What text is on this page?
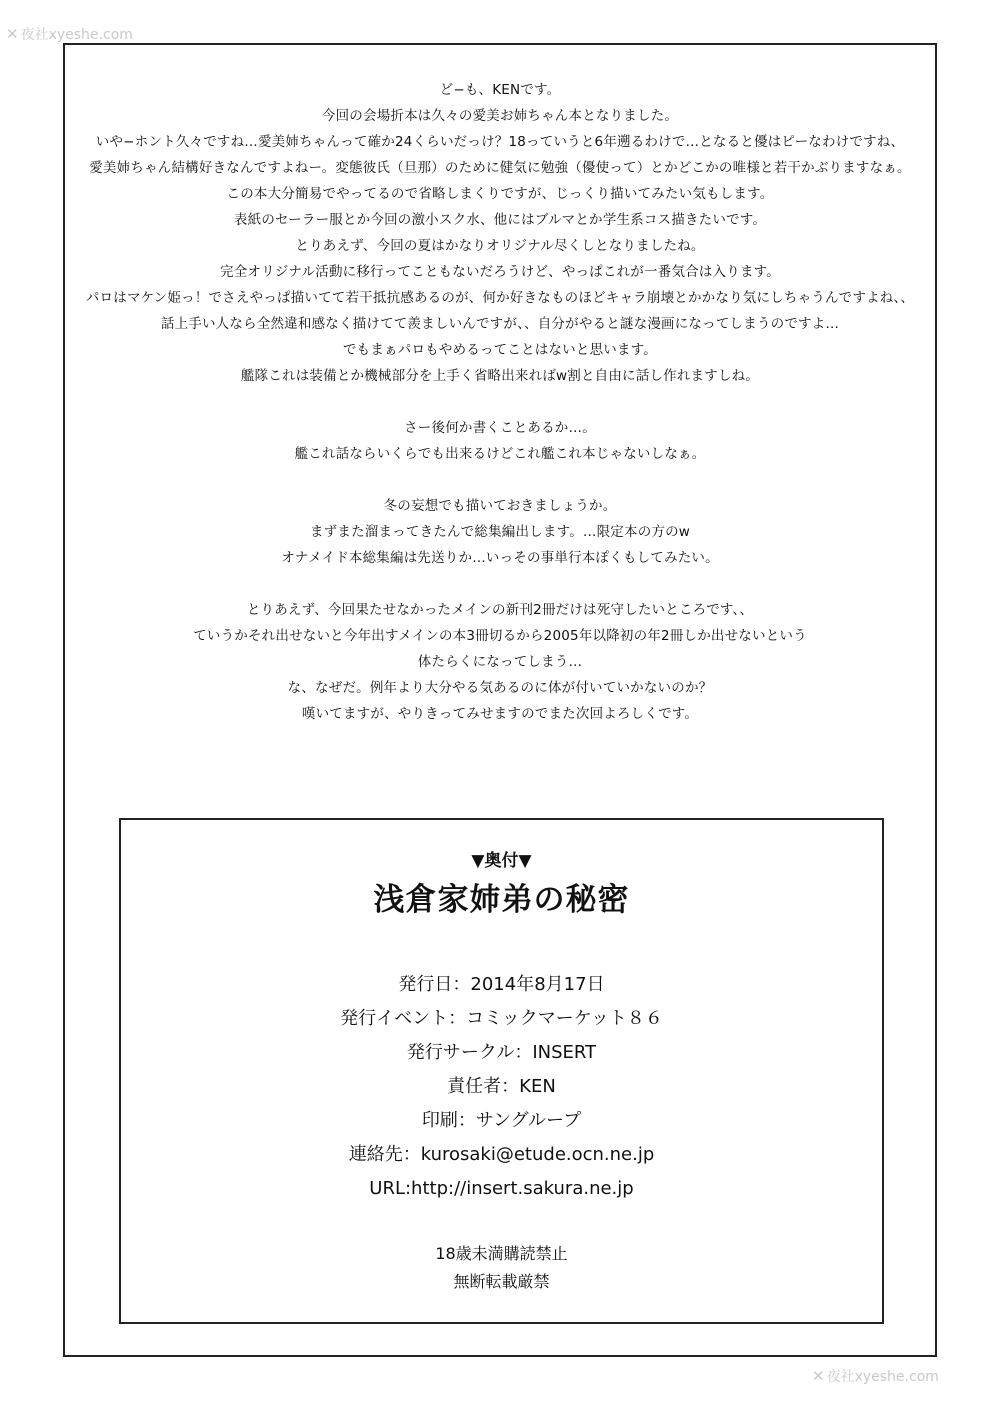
✕ 夜社xyeshe.com
ど−も、KENです。
今回の会場折本は久々の愛美お姉ちゃん本となりました。
いや−ホント久々ですね…愛美姉ちゃんって確か24くらいだっけ？18っていうと6年遡るわけで…となると優はピーなわけですね、
愛美姉ちゃん結構好きなんですよねー。変態彼氏（旦那）のために健気に勉強（優使って）とかどこかの唯様と若干かぶりますなぁ。
この本大分簡易でやってるので省略しまくりですが、じっくり描いてみたい気もします。
表紙のセーラー服とか今回の激小スク水、他にはブルマとか学生系コス描きたいです。
とりあえず、今回の夏はかなりオリジナル尽くしとなりましたね。
完全オリジナル活動に移行ってこともないだろうけど、やっぱこれが一番気合は入ります。
パロはマケン姫っ！でさえやっぱ描いてて若干抵抗感あるのが、何か好きなものほどキャラ崩壊とかかなり気にしちゃうんですよね、、
話上手い人なら全然違和感なく描けてて羨ましいんですが、、自分がやると謎な漫画になってしまうのですよ…
でもまぁパロもやめるってことはないと思います。
艦隊これは装備とか機械部分を上手く省略出来ればw割と自由に話し作れますしね。
さー後何か書くことあるか…。
艦これ話ならいくらでも出来るけどこれ艦これ本じゃないしなぁ。
冬の妄想でも描いておきましょうか。
まずまた溜まってきたんで総集編出します。…限定本の方のw
オナメイド本総集編は先送りか…いっその事単行本ぽくもしてみたい。
とりあえず、今回果たせなかったメインの新刊2冊だけは死守したいところです、、
ていうかそれ出せないと今年出すメインの本3冊切るから2005年以降初の年2冊しか出せないという
体たらくになってしまう…
な、なぜだ。例年より大分やる気あるのに体が付いていかないのか？
嘆いてますが、やりきってみせますのでまた次回よろしくです。
▼奥付▼
浅倉家姉弟の秘密
発行日：2014年8月17日
発行イベント：コミックマーケット８６
発行サークル：INSERT
責任者：KEN
印刷：サングループ
連絡先：kurosaki@etude.ocn.ne.jp
URL:http://insert.sakura.ne.jp
18歳未満購読禁止
無断転載厳禁
✕ 夜社xyeshe.com
